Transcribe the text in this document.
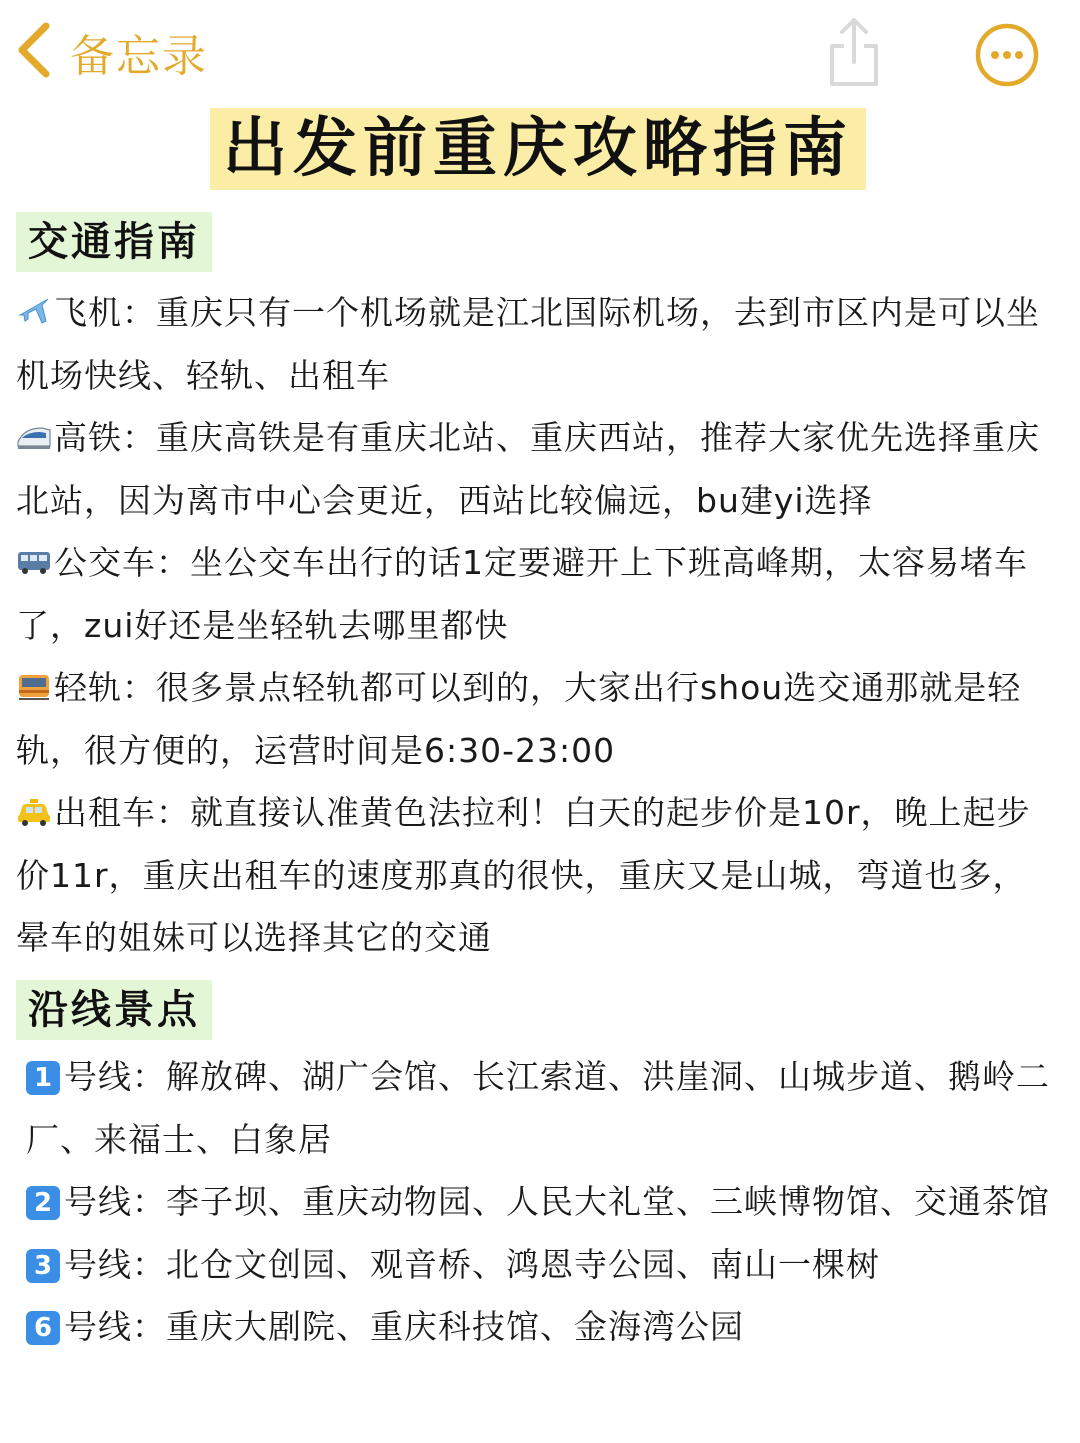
备忘录
出发前重庆攻略指南
交通指南
飞机：重庆只有一个机场就是江北国际机场，去到市区内是可以坐机场快线、轻轨、出租车
高铁：重庆高铁是有重庆北站、重庆西站，推荐大家优先选择重庆北站，因为离市中心会更近，西站比较偏远，bu建yi选择
公交车：坐公交车出行的话1定要避开上下班高峰期，太容易堵车了，zui好还是坐轻轨去哪里都快
轻轨：很多景点轻轨都可以到的，大家出行shou选交通那就是轻轨，很方便的，运营时间是6:30-23:00
出租车：就直接认准黄色法拉利！白天的起步价是10r，晚上起步价11r，重庆出租车的速度那真的很快，重庆又是山城，弯道也多，晕车的姐妹可以选择其它的交通
沿线景点
1 号线：解放碑、湖广会馆、长江索道、洪崖洞、山城步道、鹅岭二厂、来福士、白象居
2 号线：李子坝、重庆动物园、人民大礼堂、三峡博物馆、交通茶馆
3 号线：北仓文创园、观音桥、鸿恩寺公园、南山一棵树
6 号线：重庆大剧院、重庆科技馆、金海湾公园
